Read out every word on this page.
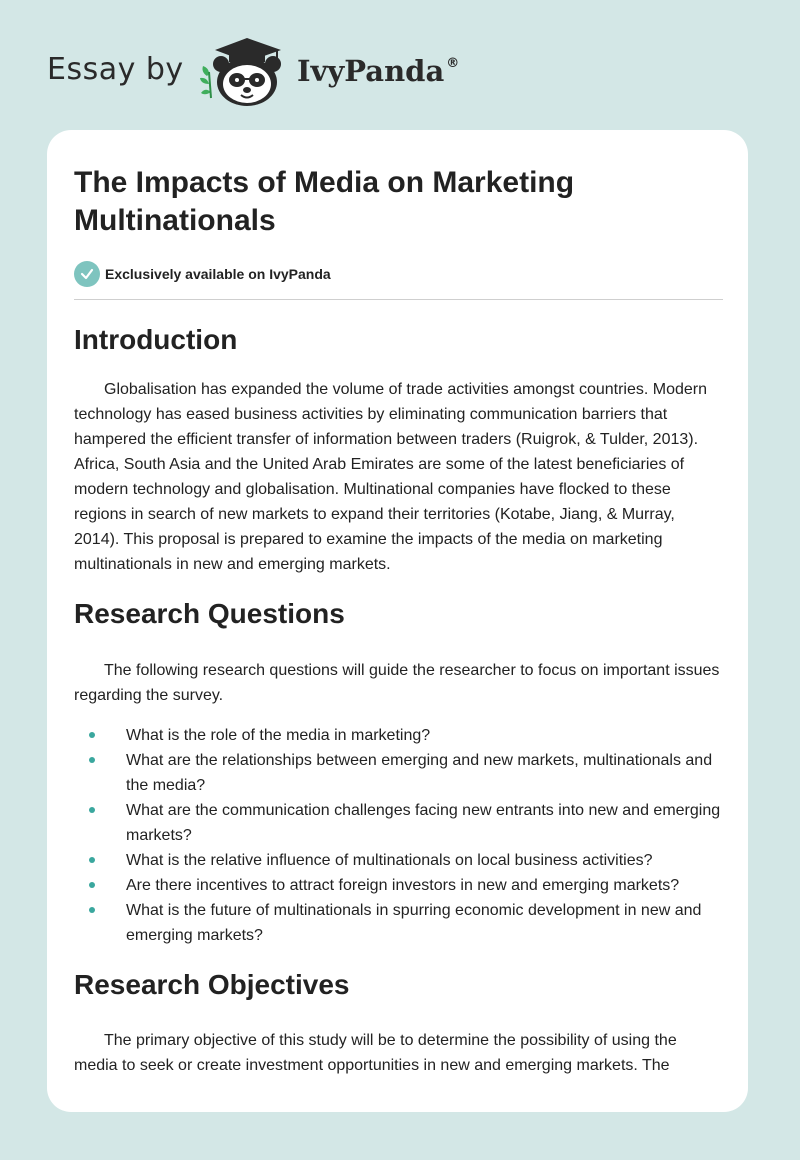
Essay by	IvyPanda ®
The Impacts of Media on Marketing Multinationals
Exclusively available on IvyPanda
Introduction

Globalisation has expanded the volume of trade activities amongst countries. Modern technology has eased business activities by eliminating communication barriers that hampered the efficient transfer of information between traders (Ruigrok, & Tulder, 2013). Africa, South Asia and the United Arab Emirates are some of the latest beneficiaries of modern technology and globalisation. Multinational companies have flocked to these regions in search of new markets to expand their territories (Kotabe, Jiang, & Murray, 2014). This proposal is prepared to examine the impacts of the media on marketing multinationals in new and emerging markets.

Research Questions

The following research questions will guide the researcher to focus on important issues regarding the survey.

What is the role of the media in marketing?
What are the relationships between emerging and new markets, multinationals and the media?
What are the communication challenges facing new entrants into new and emerging markets?
What is the relative influence of multinationals on local business activities?
Are there incentives to attract foreign investors in new and emerging markets?
What is the future of multinationals in spurring economic development in new and emerging markets?
Research Objectives

The primary objective of this study will be to determine the possibility of using the media to seek or create investment opportunities in new and emerging markets. The
